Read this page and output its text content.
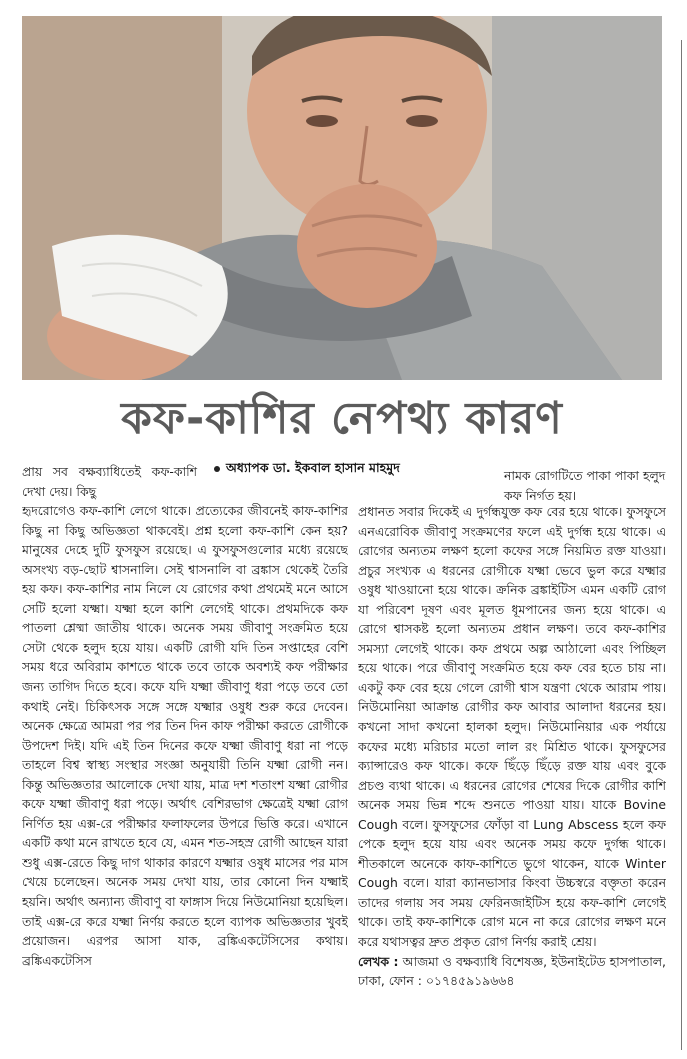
কফ-কাশির নেপথ্য কারণ
অধ্যাপক ডা. ইকবাল হাসান মাহমুদ

প্রায় সব বক্ষব্যাধিতেই কফ-কাশি দেখা দেয়। কিছু

হৃদরোগেও কফ-কাশি লেগে থাকে। প্রত্যেকের জীবনেই কাফ-কাশির কিছু না কিছু অভিজ্ঞতা থাকবেই। প্রশ্ন হলো কফ-কাশি কেন হয়? মানুষের দেহে দুটি ফুসফুস রয়েছে। এ ফুসফুসগুলোর মধ্যে রয়েছে অসংখ্য বড়-ছোট শ্বাসনালি। সেই শ্বাসনালি বা ব্রঙ্কাস থেকেই তৈরি হয় কফ। কফ-কাশির নাম নিলে যে রোগের কথা প্রথমেই মনে আসে সেটি হলো যক্ষ্মা। যক্ষ্মা হলে কাশি লেগেই থাকে। প্রথমদিকে কফ পাতলা শ্লেষ্মা জাতীয় থাকে। অনেক সময় জীবাণু সংক্রমিত হয়ে সেটা থেকে হলুদ হয়ে যায়। একটি রোগী যদি তিন সপ্তাহের বেশি সময় ধরে অবিরাম কাশতে থাকে তবে তাকে অবশ্যই কফ পরীক্ষার জন্য তাগিদ দিতে হবে। কফে যদি যক্ষ্মা জীবাণু ধরা পড়ে তবে তো কথাই নেই। চিকিৎসক সঙ্গে সঙ্গে যক্ষ্মার ওষুধ শুরু করে দেবেন। অনেক ক্ষেত্রে আমরা পর পর তিন দিন কাফ পরীক্ষা করতে রোগীকে উপদেশ দিই। যদি এই তিন দিনের কফে যক্ষ্মা জীবাণু ধরা না পড়ে তাহলে বিশ্ব স্বাস্থ্য সংস্থার সংজ্ঞা অনুযায়ী তিনি যক্ষ্মা রোগী নন। কিন্তু অভিজ্ঞতার আলোকে দেখা যায়, মাত্র দশ শতাংশ যক্ষ্মা রোগীর কফে যক্ষ্মা জীবাণু ধরা পড়ে। অর্থাৎ বেশিরভাগ ক্ষেত্রেই যক্ষ্মা রোগ নির্ণিত হয় এক্স-রে পরীক্ষার ফলাফলের উপরে ভিত্তি করে। এখানে একটি কথা মনে রাখতে হবে যে, এমন শত-সহস্র রোগী আছেন যারা শুধু এক্স-রেতে কিছু দাগ থাকার কারণে যক্ষ্মার ওষুধ মাসের পর মাস খেয়ে চলেছেন। অনেক সময় দেখা যায়, তার কোনো দিন যক্ষ্মাই হয়নি। অর্থাৎ অন্যান্য জীবাণু বা ফাঙ্গাস দিয়ে নিউমোনিয়া হয়েছিল। তাই এক্স-রে করে যক্ষ্মা নির্ণয় করতে হলে ব্যাপক অভিজ্ঞতার খুবই প্রয়োজন। এরপর আসা যাক, ব্রঙ্কিএকটেসিসের কথায়। ব্রঙ্কিএকটেসিস

নামক রোগটিতে পাকা পাকা হলুদ কফ নির্গত হয়।

প্রধানত সবার দিকেই এ দুর্গন্ধযুক্ত কফ বের হয়ে থাকে। ফুসফুসে এনএরোবিক জীবাণু সংক্রমণের ফলে এই দুর্গন্ধ হয়ে থাকে। এ রোগের অন্যতম লক্ষণ হলো কফের সঙ্গে নিয়মিত রক্ত যাওয়া। প্রচুর সংখ্যক এ ধরনের রোগীকে যক্ষ্মা ভেবে ভুল করে যক্ষ্মার ওষুধ খাওয়ানো হয়ে থাকে। ক্রনিক ব্রঙ্কাইটিস এমন একটি রোগ যা পরিবেশ দূষণ এবং মূলত ধূমপানের জন্য হয়ে থাকে। এ রোগে শ্বাসকষ্ট হলো অন্যতম প্রধান লক্ষণ। তবে কফ-কাশির সমস্যা লেগেই থাকে। কফ প্রথমে অল্প আঠালো এবং পিচ্ছিল হয়ে থাকে। পরে জীবাণু সংক্রমিত হয়ে কফ বের হতে চায় না। একটু কফ বের হয়ে গেলে রোগী শ্বাস যন্ত্রণা থেকে আরাম পায়। নিউমোনিয়া আক্রান্ত রোগীর কফ আবার আলাদা ধরনের হয়। কখনো সাদা কখনো হালকা হলুদ। নিউমোনিয়ার এক পর্যায়ে কফের মধ্যে মরিচার মতো লাল রং মিশ্রিত থাকে। ফুসফুসের ক্যান্সারেও কফ থাকে। কফে ছিঁড়ে ছিঁড়ে রক্ত যায় এবং বুকে প্রচণ্ড ব্যথা থাকে। এ ধরনের রোগের শেষের দিকে রোগীর কাশি অনেক সময় ভিন্ন শব্দে শুনতে পাওয়া যায়। যাকে Bovine Cough বলে। ফুসফুসের ফোঁড়া বা Lung Abscess হলে কফ পেকে হলুদ হয়ে যায় এবং অনেক সময় কফে দুর্গন্ধ থাকে। শীতকালে অনেকে কাফ-কাশিতে ভুগে থাকেন, যাকে Winter Cough বলে। যারা ক্যানভাসার কিংবা উচ্চস্বরে বক্তৃতা করেন তাদের গলায় সব সময় ফেরিনজাইটিস হয়ে কফ-কাশি লেগেই থাকে। তাই কফ-কাশিকে রোগ মনে না করে রোগের লক্ষণ মনে করে যথাসত্বর দ্রুত প্রকৃত রোগ নির্ণয় করাই শ্রেয়।

লেখক : আজমা ও বক্ষব্যাধি বিশেষজ্ঞ, ইউনাইটেড হাসপাতাল, ঢাকা, ফোন : ০১৭৪৫৯১৯৬৬৪
